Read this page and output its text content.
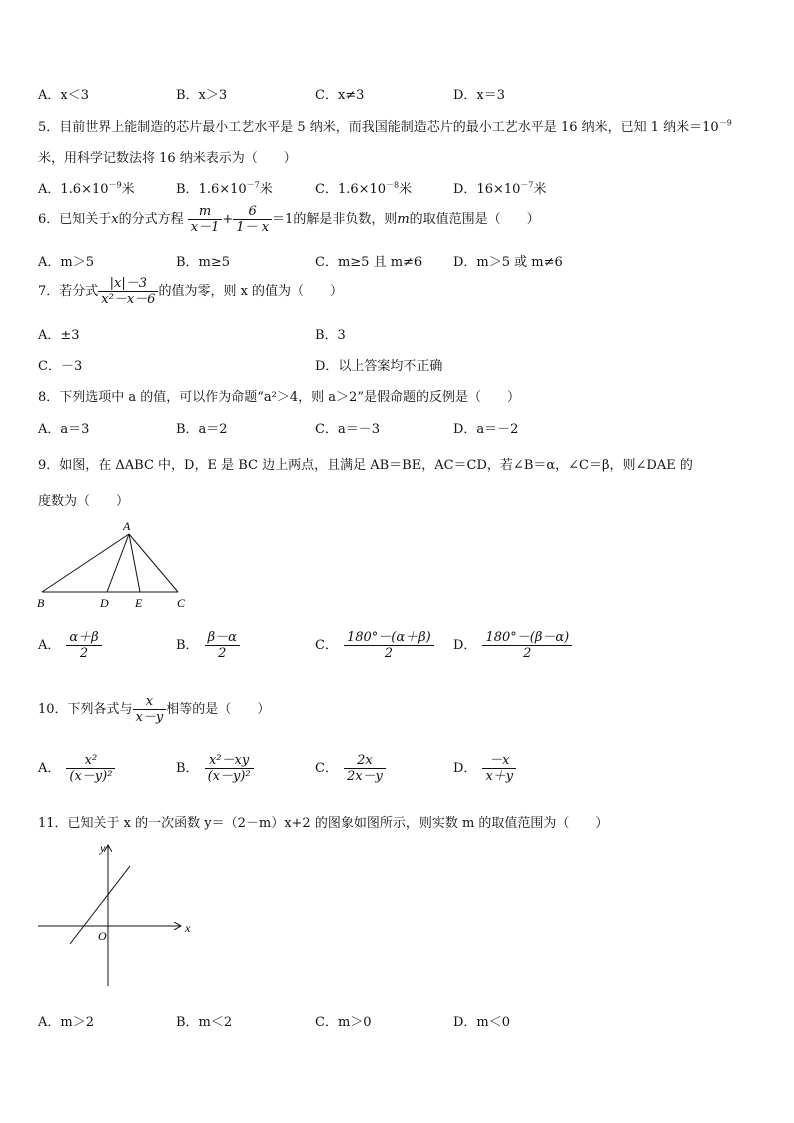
A．x＜3	B．x＞3	C．x≠3	D．x＝3
5．目前世界上能制造的芯片最小工艺水平是 5 纳米，而我国能制造芯片的最小工艺水平是 16 纳米，已知 1 纳米$=10^{-9}$
米，用科学记数法将 16 纳米表示为（　　）
A．$1.6\times 10^{-9}$米	B．$1.6\times 10^{-7}$米	C．$1.6\times 10^{-8}$米	D．$16\times 10^{-7}$米
6．已知关于x的分式方程 $\frac{m}{x-1} + \frac{6}{1- x} =1$的解是非负数，则m的取值范围是（　　）
A．m＞5	B．m≥5	C．m≥5 且 m≠6 D．m＞5 或 m≠6
7．若分式 $\frac{|x|-3}{\text{x²－x－6}}$ 的值为零，则 x 的值为（　　）
A．±3	B．3
C．－3	D．以上答案均不正确
8．下列选项中 a 的值，可以作为命题“a²＞4，则 a＞2”是假命题的反例是（　　）
A．a＝3	B．a＝2	C．a＝－3	D．a＝－2
9．如图，在 ΔABC 中，D，E 是 BC 边上两点，且满足 AB＝BE，AC＝CD，若∠B＝α，∠C＝β，则∠DAE 的
度数为（　　）
A
B	D E	C
A． $\frac{\alpha+\beta}{2}$	B． $\frac{\beta-\alpha}{2}$	C． $\frac{180^\circ-(\alpha+\beta)}{2}$ D． $\frac{180^\circ-(\beta-\alpha)}{2}$
10．下列各式与 $\frac{x}{x-y}$ 相等的是（　　）
A． $\frac{\text{x²}}{\text{(x－y)²}}$	B． $\frac{\text{x²－xy}}{\text{(x－y)²}}$	C． $\frac{2x}{2x-y}$	D． $\frac{-x}{x+y}$
11．已知关于 x 的一次函数 y＝（2－m）x+2 的图象如图所示，则实数 m 的取值范围为（　　）
x
y
O
A．m＞2	B．m＜2	C．m＞0	D．m＜0
